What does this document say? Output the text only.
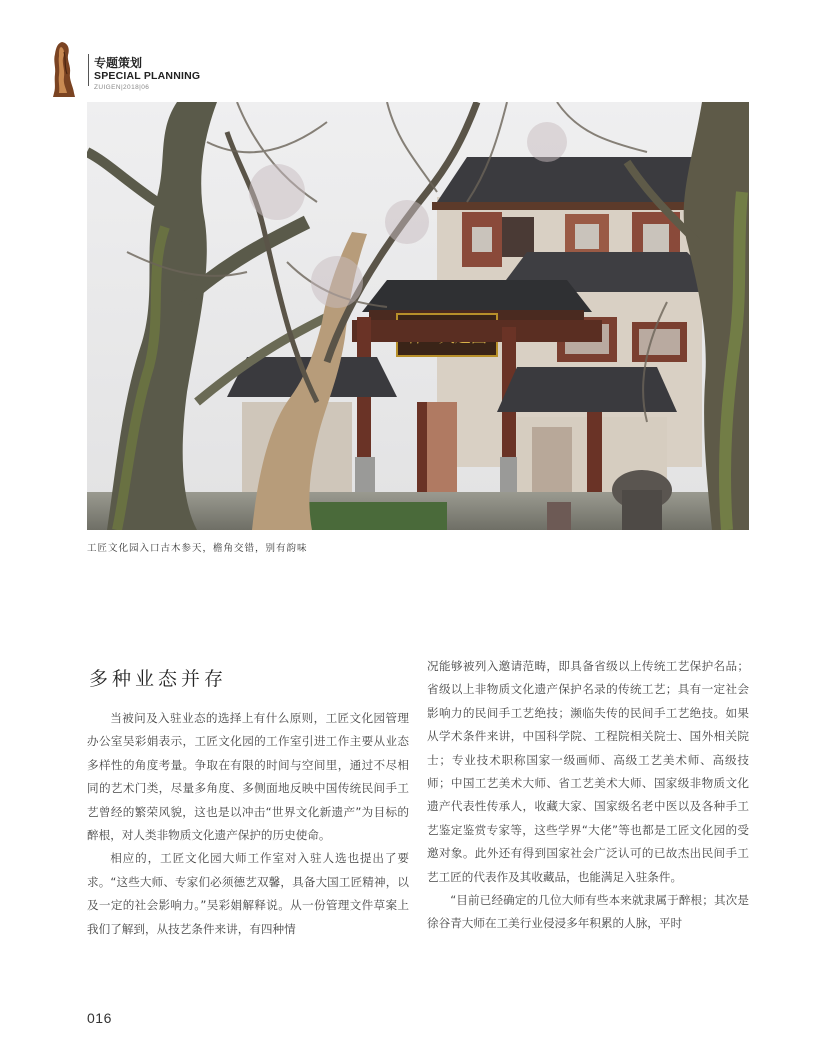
专题策划
SPECIAL PLANNING
ZUIGEN|2018|06
工匠文化园入口古木参天，檐角交错，别有韵味
多种业态并存

当被问及入驻业态的选择上有什么原则，工匠文化园管理办公室吴彩娟表示，工匠文化园的工作室引进工作主要从业态多样性的角度考量。争取在有限的时间与空间里，通过不尽相同的艺术门类，尽量多角度、多侧面地反映中国传统民间手工艺曾经的繁荣风貌，这也是以冲击“世界文化新遗产”为目标的醉根，对人类非物质文化遗产保护的历史使命。

相应的，工匠文化园大师工作室对入驻人选也提出了要求。“这些大师、专家们必须德艺双馨，具备大国工匠精神，以及一定的社会影响力。”吴彩娟解释说。从一份管理文件草案上我们了解到，从技艺条件来讲，有四种情

况能够被列入邀请范畴，即具备省级以上传统工艺保护名品；省级以上非物质文化遗产保护名录的传统工艺；具有一定社会影响力的民间手工艺绝技；濒临失传的民间手工艺绝技。如果从学术条件来讲，中国科学院、工程院相关院士、国外相关院士；专业技术职称国家一级画师、高级工艺美术师、高级技师；中国工艺美术大师、省工艺美术大师、国家级非物质文化遗产代表性传承人，收藏大家、国家级名老中医以及各种手工艺鉴定鉴赏专家等，这些学界“大佬”等也都是工匠文化园的受邀对象。此外还有得到国家社会广泛认可的已故杰出民间手工艺工匠的代表作及其收藏品，也能满足入驻条件。

“目前已经确定的几位大师有些本来就隶属于醉根；其次是徐谷青大师在工美行业侵浸多年积累的人脉，平时

016
